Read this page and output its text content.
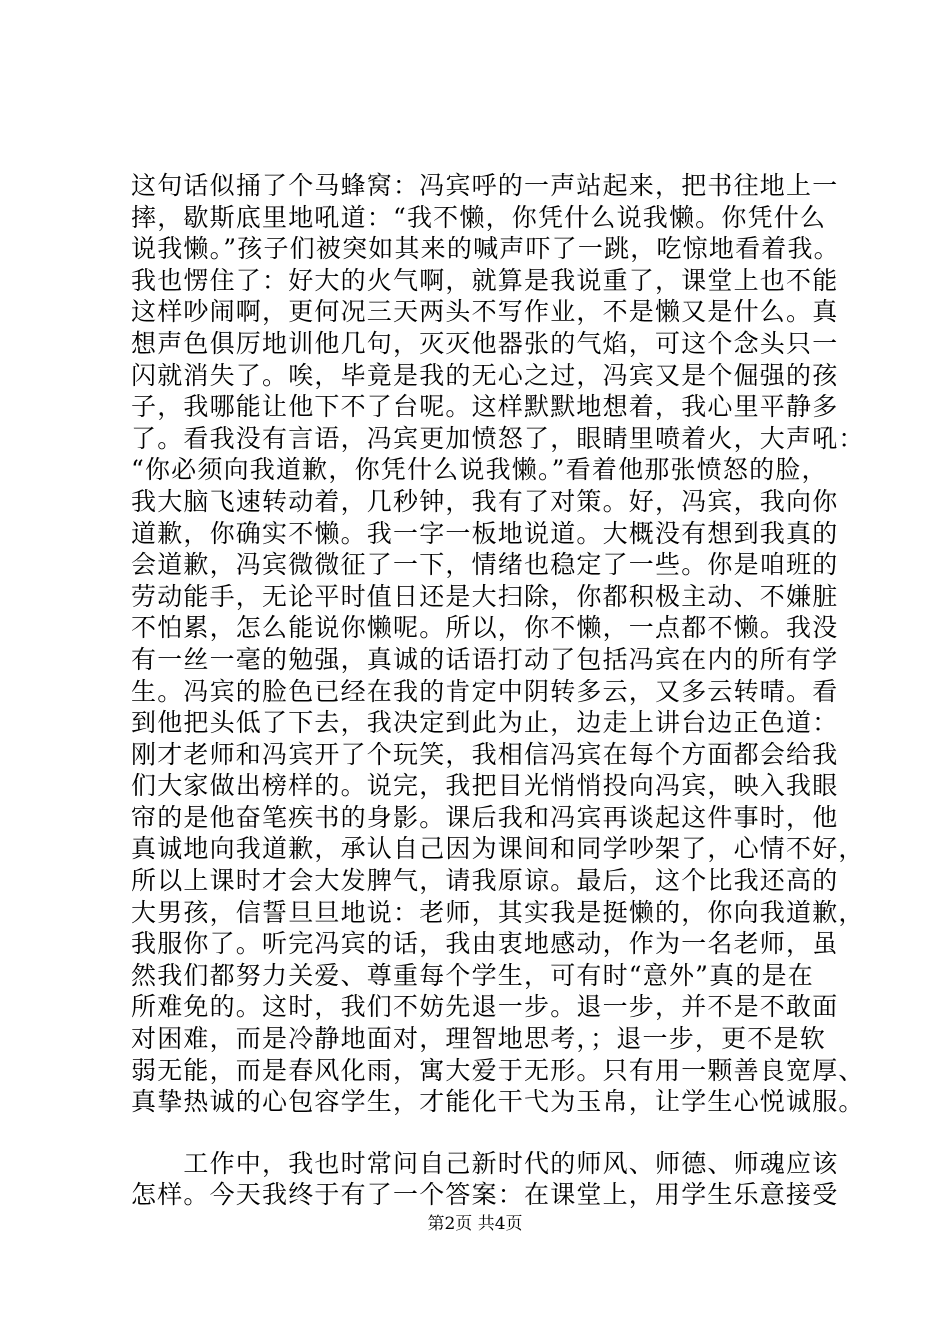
这句话似捅了个马蜂窝：冯宾呼的一声站起来，把书往地上一
摔，歇斯底里地吼道：“我不懒，你凭什么说我懒。你凭什么
说我懒。”孩子们被突如其来的喊声吓了一跳，吃惊地看着我。
我也愣住了：好大的火气啊，就算是我说重了，课堂上也不能
这样吵闹啊，更何况三天两头不写作业，不是懒又是什么。真
想声色俱厉地训他几句，灭灭他器张的气焰，可这个念头只一
闪就消失了。唉，毕竟是我的无心之过，冯宾又是个倔强的孩
子，我哪能让他下不了台呢。这样默默地想着，我心里平静多
了。看我没有言语，冯宾更加愤怒了，眼睛里喷着火，大声吼：
“你必须向我道歉，你凭什么说我懒。”看着他那张愤怒的脸，
我大脑飞速转动着，几秒钟，我有了对策。好，冯宾，我向你
道歉，你确实不懒。我一字一板地说道。大概没有想到我真的
会道歉，冯宾微微征了一下，情绪也稳定了一些。你是咱班的
劳动能手，无论平时值日还是大扫除，你都积极主动、不嫌脏
不怕累，怎么能说你懒呢。所以，你不懒，一点都不懒。我没
有一丝一毫的勉强，真诚的话语打动了包括冯宾在内的所有学
生。冯宾的脸色已经在我的肯定中阴转多云，又多云转晴。看
到他把头低了下去，我决定到此为止，边走上讲台边正色道：
刚才老师和冯宾开了个玩笑，我相信冯宾在每个方面都会给我
们大家做出榜样的。说完，我把目光悄悄投向冯宾，映入我眼
帘的是他奋笔疾书的身影。课后我和冯宾再谈起这件事时，他
真诚地向我道歉，承认自己因为课间和同学吵架了，心情不好，
所以上课时才会大发脾气，请我原谅。最后，这个比我还高的
大男孩，信誓旦旦地说：老师，其实我是挺懒的，你向我道歉，
我服你了。听完冯宾的话，我由衷地感动，作为一名老师，虽
然我们都努力关爱、尊重每个学生，可有时“意外”真的是在
所难免的。这时，我们不妨先退一步。退一步，并不是不敢面
对困难，而是冷静地面对，理智地思考，；退一步，更不是软
弱无能，而是春风化雨，寓大爱于无形。只有用一颗善良宽厚、
真挚热诚的心包容学生，才能化干弋为玉帛，让学生心悦诚服。
　　工作中，我也时常问自己新时代的师风、师德、师魂应该
怎样。今天我终于有了一个答案：在课堂上，用学生乐意接受
第2页 共4页
